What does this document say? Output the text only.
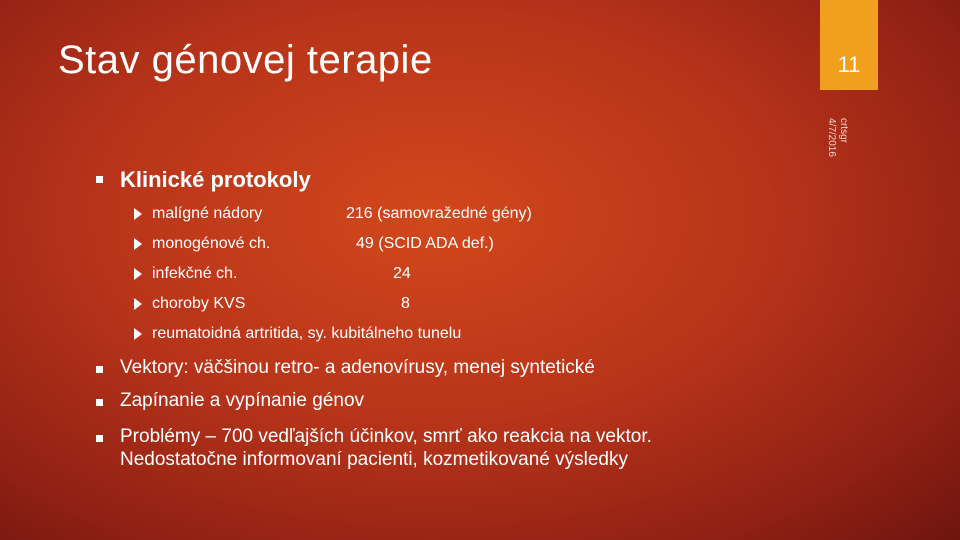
Stav génovej terapie	11
crtsgr
4/7/2016
Klinické protokoly
malígné nádory	216 (samovražedné gény)
monogénové ch.	49 (SCID ADA def.)
infekčné ch.	24
choroby KVS	8
reumatoidná artritida, sy. kubitálneho tunelu
Vektory: väčšinou retro- a adenovírusy, menej syntetické
Zapínanie a vypínanie génov
Problémy – 700 vedľajších účinkov, smrť ako reakcia na vektor.
Nedostatočne informovaní pacienti, kozmetikované výsledky
